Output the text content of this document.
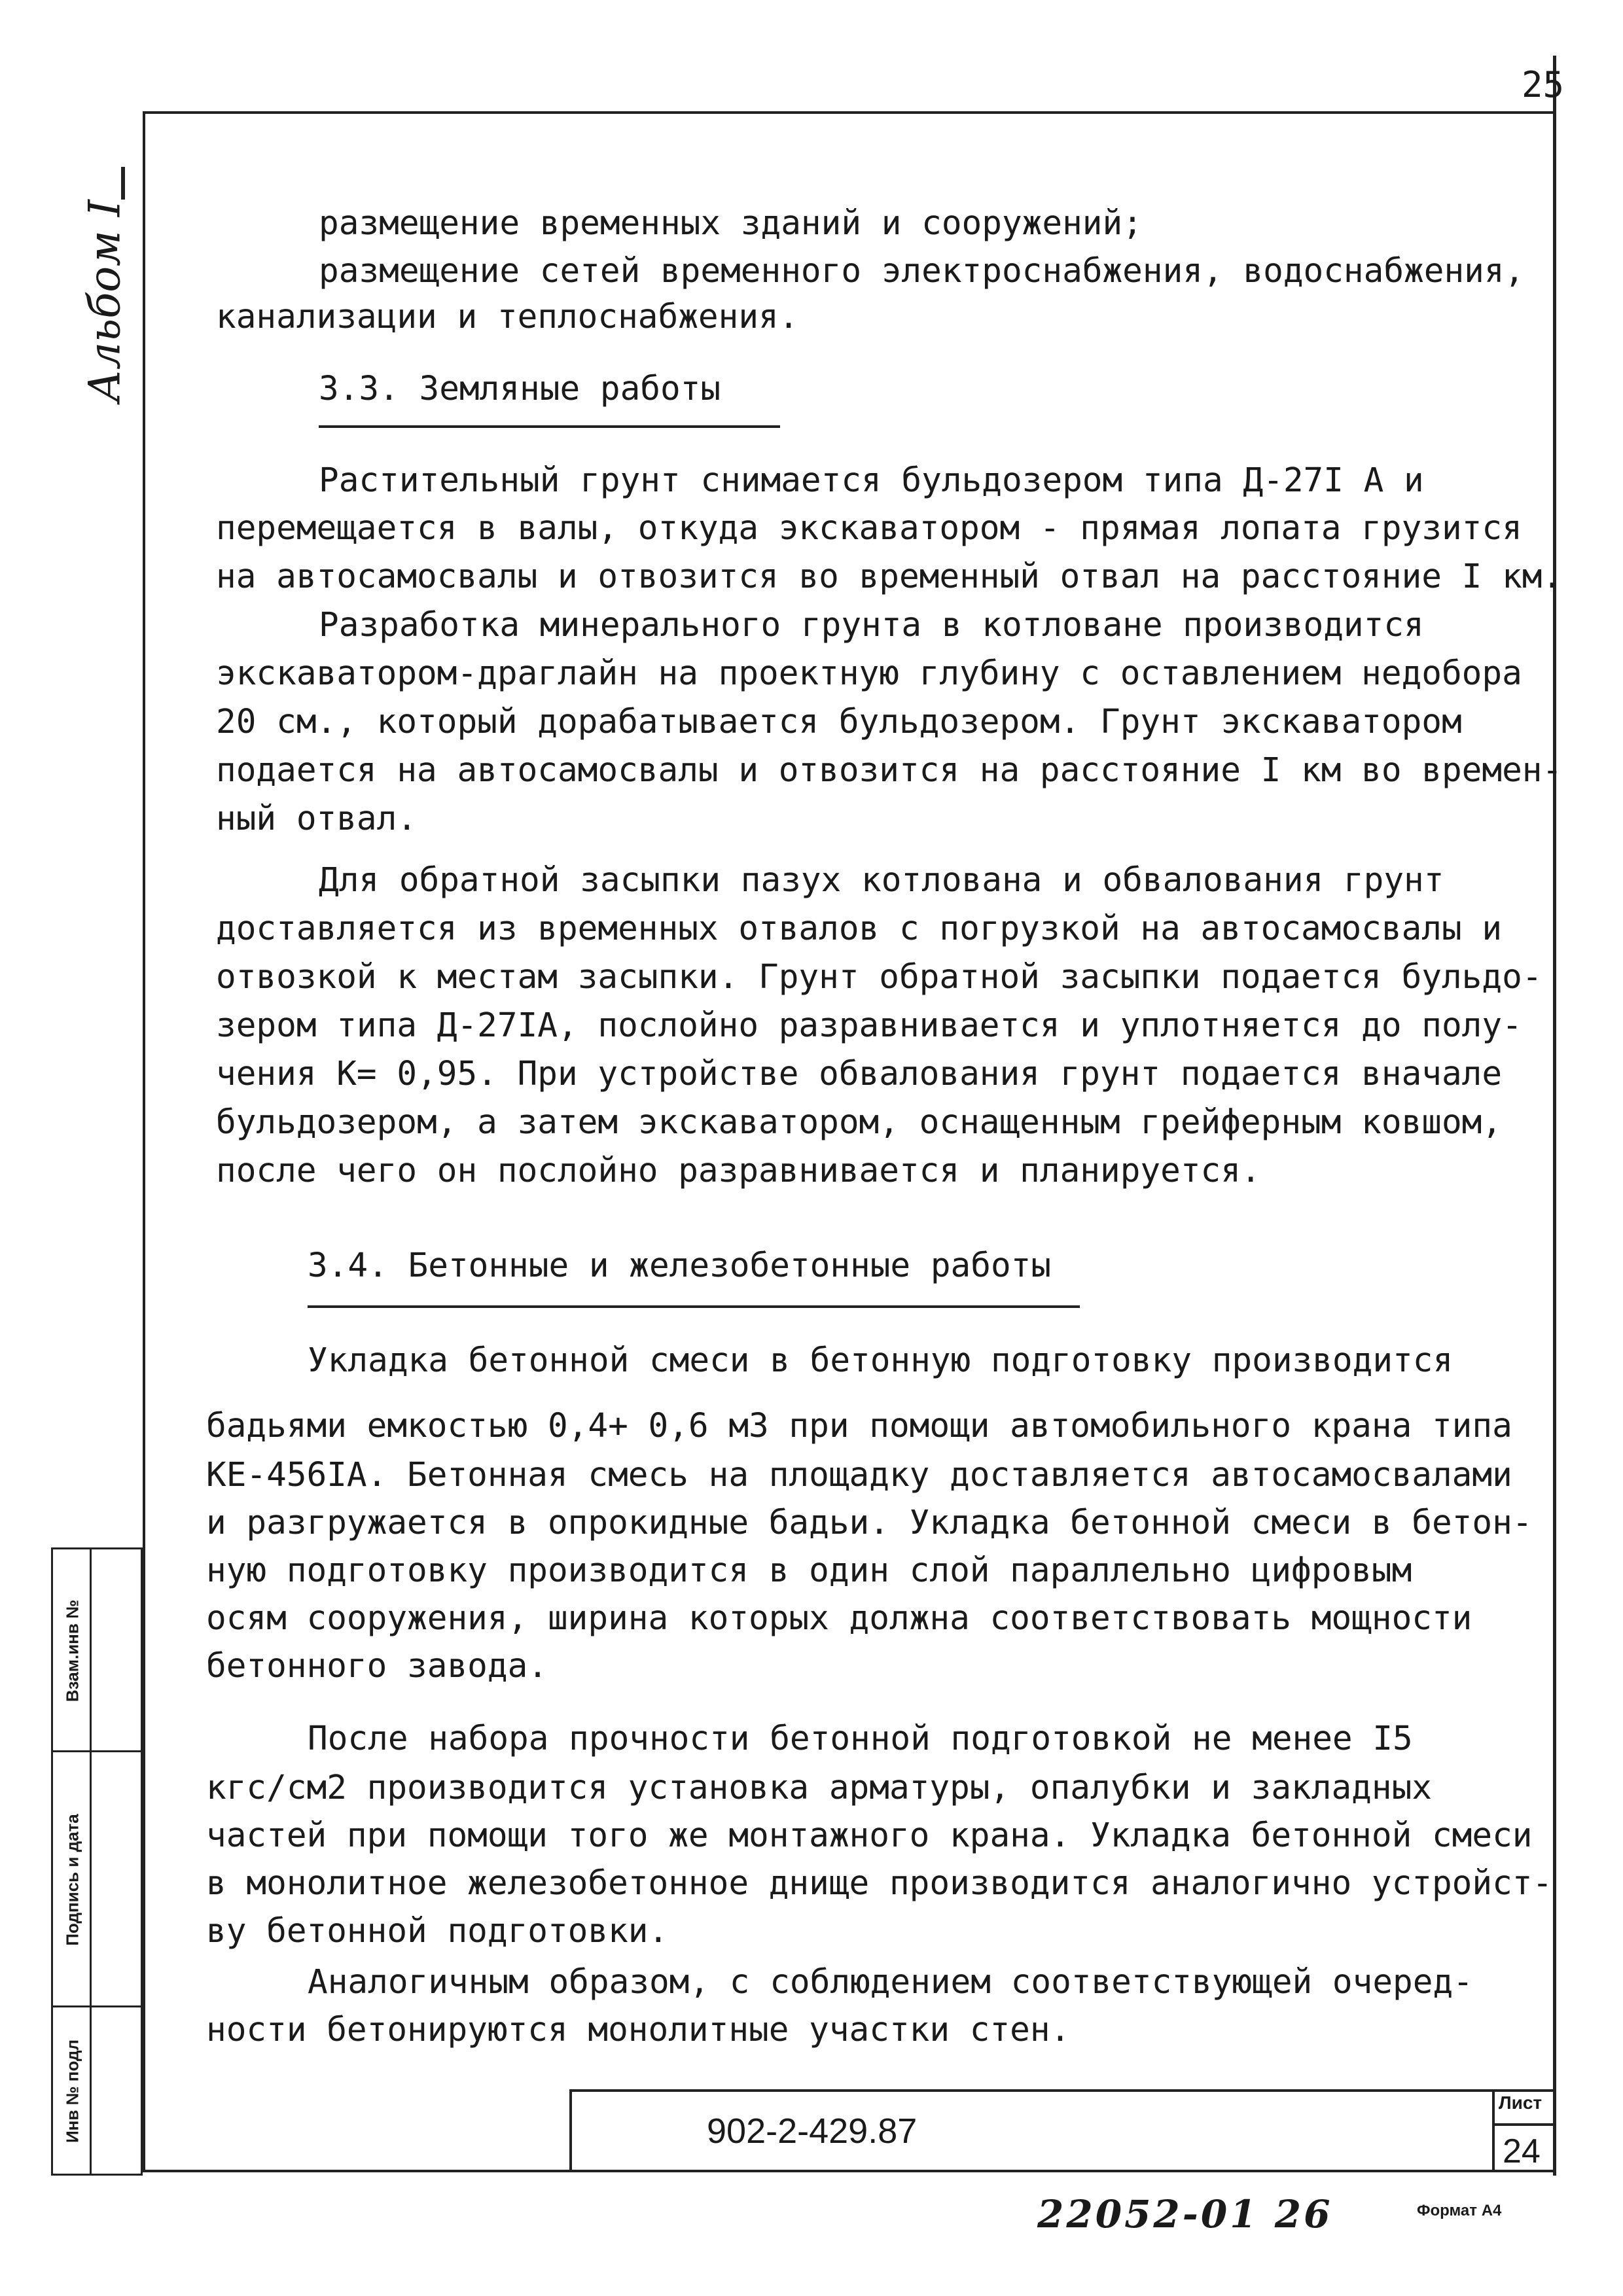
25
Альбом I
Взам.инв №
Подпись и дата
Инв № подл
размещение временных зданий и сооружений;
размещение сетей временного электроснабжения, водоснабжения,
канализации и теплоснабжения.
3.3. Земляные работы
Растительный грунт снимается бульдозером типа Д-27I А и
перемещается в валы, откуда экскаватором - прямая лопата грузится
на автосамосвалы и отвозится во временный отвал на расстояние I км.
Разработка минерального грунта в котловане производится
экскаватором-драглайн на проектную глубину с оставлением недобора
20 см., который дорабатывается бульдозером. Грунт экскаватором
подается на автосамосвалы и отвозится на расстояние I км во времен-
ный отвал.
Для обратной засыпки пазух котлована и обвалования грунт
доставляется из временных отвалов с погрузкой на автосамосвалы и
отвозкой к местам засыпки. Грунт обратной засыпки подается бульдо-
зером типа Д-27IА, послойно разравнивается и уплотняется до полу-
чения К= 0,95. При устройстве обвалования грунт подается вначале
бульдозером, а затем экскаватором, оснащенным грейферным ковшом,
после чего он послойно разравнивается и планируется.
3.4. Бетонные и железобетонные работы
Укладка бетонной смеси в бетонную подготовку производится
бадьями емкостью 0,4+ 0,6 м3 при помощи автомобильного крана типа
КЕ-456IА. Бетонная смесь на площадку доставляется автосамосвалами
и разгружается в опрокидные бадьи. Укладка бетонной смеси в бетон-
ную подготовку производится в один слой параллельно цифровым
осям сооружения, ширина которых должна соответствовать мощности
бетонного завода.
После набора прочности бетонной подготовкой не менее I5
кгс/см2 производится установка арматуры, опалубки и закладных
частей при помощи того же монтажного крана. Укладка бетонной смеси
в монолитное железобетонное днище производится аналогично устройст-
ву бетонной подготовки.
Аналогичным образом, с соблюдением соответствующей очеред-
ности бетонируются монолитные участки стен.
902-2-429.87
Лист
24
22052-01 26	Формат А4
